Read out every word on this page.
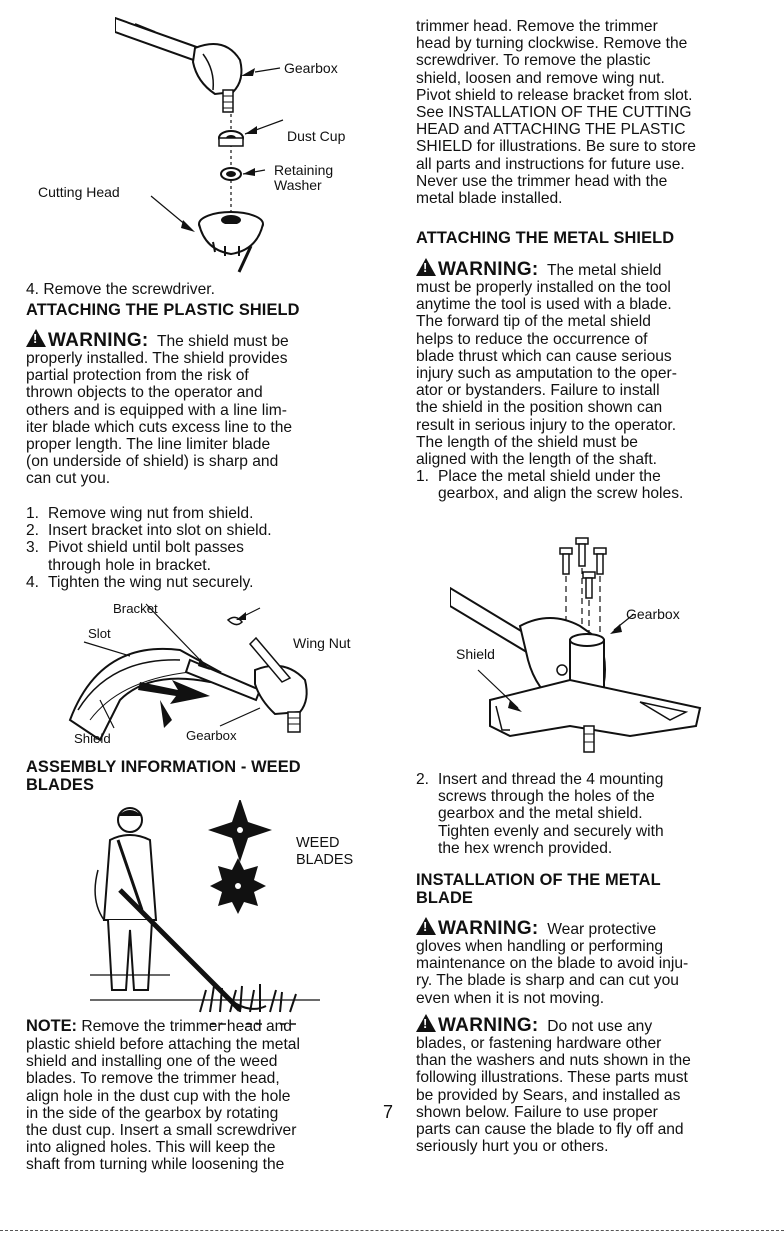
Gearbox
Dust Cup
Retaining
Washer
Cutting Head

4. Remove the screwdriver.

ATTACHING THE PLASTIC SHIELD

!WARNING: The shield must be

properly installed. The shield provides
partial protection from the risk of
thrown objects to the operator and
others and is equipped with a line lim-
iter blade which cuts excess line to the
proper length. The line limiter blade
(on underside of shield) is sharp and
can cut you.
1. Remove wing nut from shield.
2. Insert bracket into slot on shield.
3. Pivot shield until bolt passes
through hole in bracket.
4. Tighten the wing nut securely.
Bracket
Slot
Wing Nut
Shield	Gearbox
ASSEMBLY INFORMATION - WEED
BLADES
WEED
BLADES

NOTE: Remove the trimmer head and

plastic shield before attaching the metal
shield and installing one of the weed
blades. To remove the trimmer head,
align hole in the dust cup with the hole
in the side of the gearbox by rotating
the dust cup. Insert a small screwdriver
into aligned holes. This will keep the
shaft from turning while loosening the
trimmer head. Remove the trimmer
head by turning clockwise. Remove the
screwdriver. To remove the plastic
shield, loosen and remove wing nut.
Pivot shield to release bracket from slot.
See INSTALLATION OF THE CUTTING
HEAD and ATTACHING THE PLASTIC
SHIELD for illustrations. Be sure to store
all parts and instructions for future use.
Never use the trimmer head with the
metal blade installed.
ATTACHING THE METAL SHIELD

!WARNING: The metal shield

must be properly installed on the tool
anytime the tool is used with a blade.
The forward tip of the metal shield
helps to reduce the occurrence of
blade thrust which can cause serious
injury such as amputation to the oper-
ator or bystanders. Failure to install
the shield in the position shown can
result in serious injury to the operator.
The length of the shield must be
aligned with the length of the shaft.
1. Place the metal shield under the
gearbox, and align the screw holes.
Gearbox
Shield
2. Insert and thread the 4 mounting
screws through the holes of the
gearbox and the metal shield.
Tighten evenly and securely with
the hex wrench provided.
INSTALLATION OF THE METAL
BLADE

!WARNING: Wear protective

gloves when handling or performing
maintenance on the blade to avoid inju-
ry. The blade is sharp and can cut you
even when it is not moving.

!WARNING: Do not use any

blades, or fastening hardware other
than the washers and nuts shown in the
following illustrations. These parts must
be provided by Sears, and installed as
shown below. Failure to use proper
parts can cause the blade to fly off and
seriously hurt you or others.
7
